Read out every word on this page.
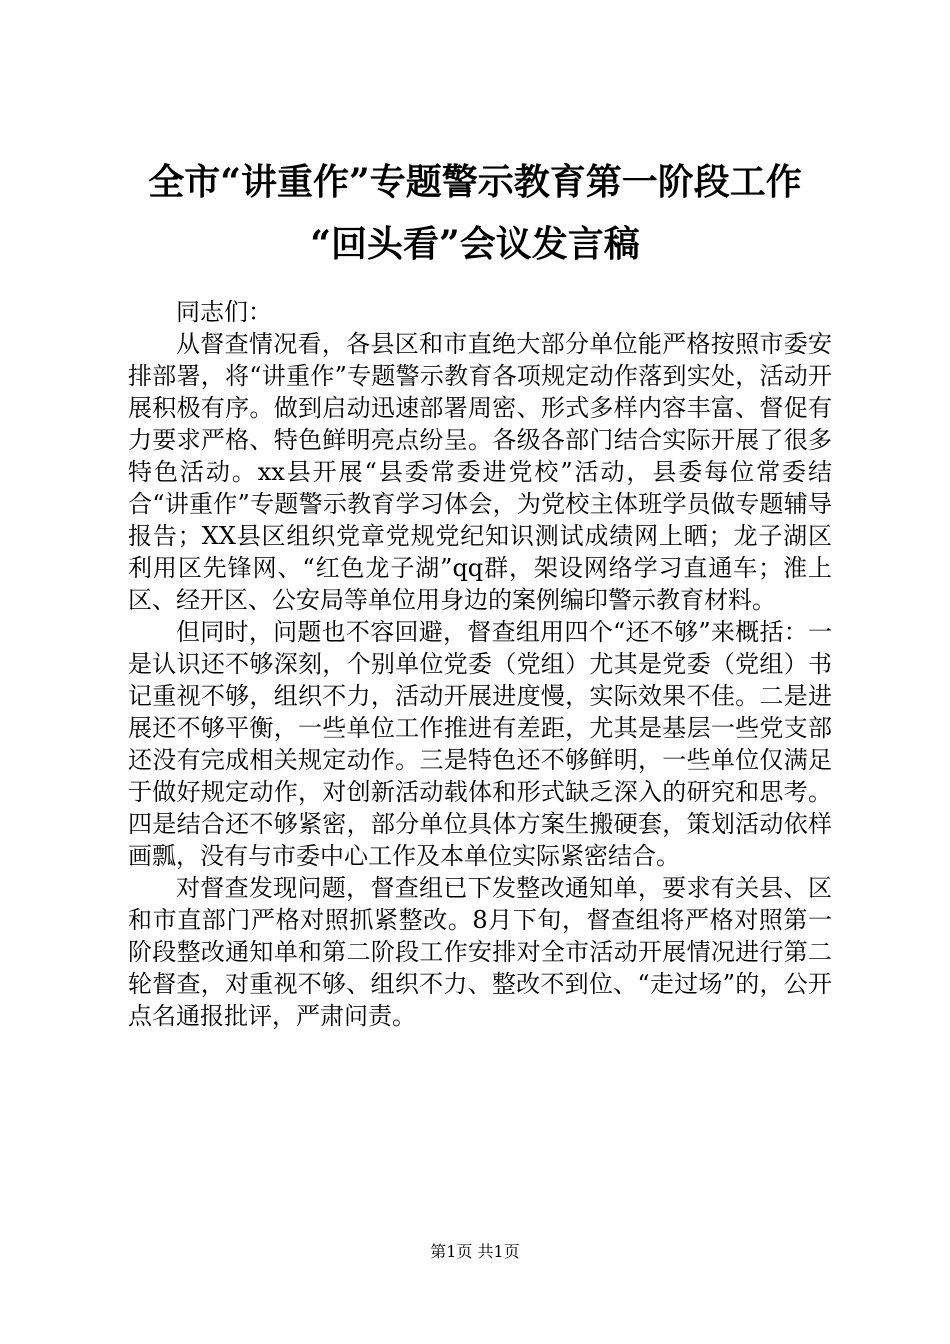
全市“讲重作”专题警示教育第一阶段工作
“回头看”会议发言稿

同志们：

从督查情况看，各县区和市直绝大部分单位能严格按照市委安排部署，将“讲重作”专题警示教育各项规定动作落到实处，活动开展积极有序。做到启动迅速部署周密、形式多样内容丰富、督促有力要求严格、特色鲜明亮点纷呈。各级各部门结合实际开展了很多特色活动。xx县开展“县委常委进党校”活动，县委每位常委结合“讲重作”专题警示教育学习体会，为党校主体班学员做专题辅导报告；XX县区组织党章党规党纪知识测试成绩网上晒；龙子湖区利用区先锋网、“红色龙子湖”qq群，架设网络学习直通车；淮上区、经开区、公安局等单位用身边的案例编印警示教育材料。

但同时，问题也不容回避，督查组用四个“还不够”来概括：一是认识还不够深刻，个别单位党委（党组）尤其是党委（党组）书记重视不够，组织不力，活动开展进度慢，实际效果不佳。二是进展还不够平衡，一些单位工作推进有差距，尤其是基层一些党支部还没有完成相关规定动作。三是特色还不够鲜明，一些单位仅满足于做好规定动作，对创新活动载体和形式缺乏深入的研究和思考。四是结合还不够紧密，部分单位具体方案生搬硬套，策划活动依样画瓢，没有与市委中心工作及本单位实际紧密结合。

对督查发现问题，督查组已下发整改通知单，要求有关县、区和市直部门严格对照抓紧整改。8月下旬，督查组将严格对照第一阶段整改通知单和第二阶段工作安排对全市活动开展情况进行第二轮督查，对重视不够、组织不力、整改不到位、“走过场”的，公开点名通报批评，严肃问责。

第1页 共1页
